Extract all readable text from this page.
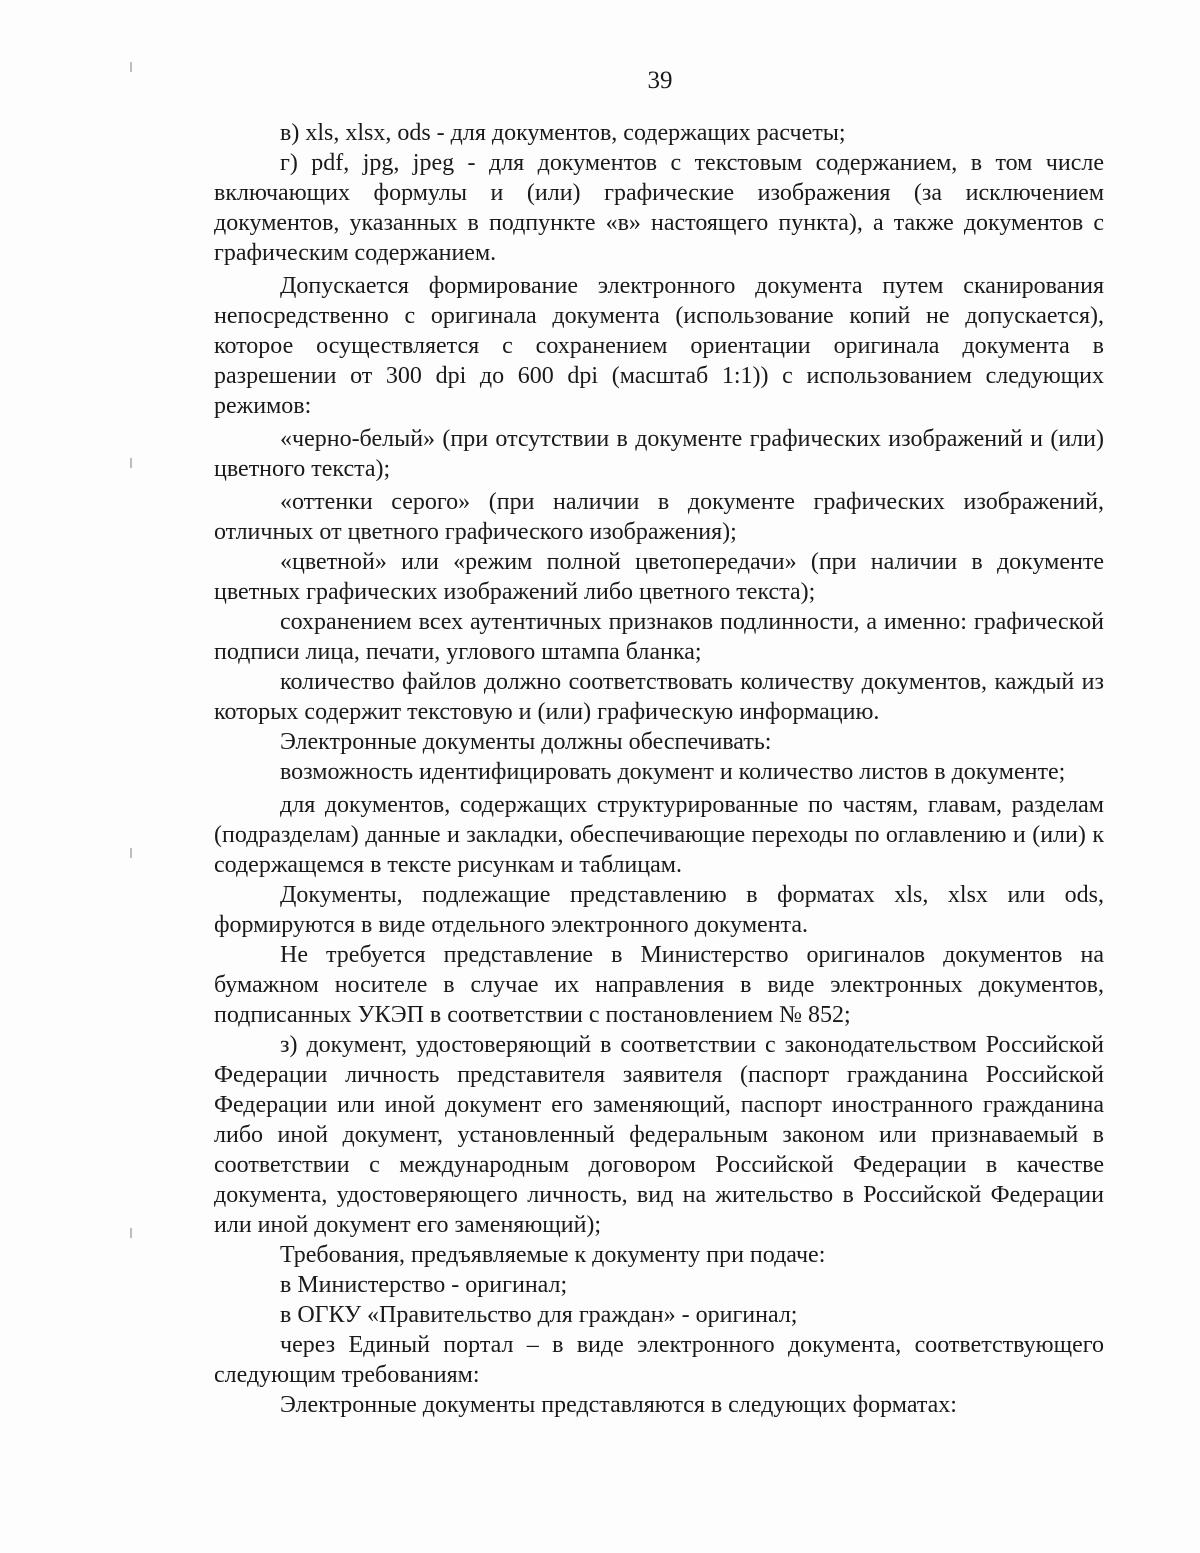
39

в) xls, xlsx, ods - для документов, содержащих расчеты;

г) pdf, jpg, jpeg - для документов с текстовым содержанием, в том числе включающих формулы и (или) графические изображения (за исключением документов, указанных в подпункте «в» настоящего пункта), а также документов с графическим содержанием.

Допускается формирование электронного документа путем сканирования непосредственно с оригинала документа (использование копий не допускается), которое осуществляется с сохранением ориентации оригинала документа в разрешении от 300 dpi до 600 dpi (масштаб 1:1)) с использованием следующих режимов:

«черно-белый» (при отсутствии в документе графических изображений и (или) цветного текста);

«оттенки серого» (при наличии в документе графических изображений, отличных от цветного графического изображения);

«цветной» или «режим полной цветопередачи» (при наличии в документе цветных графических изображений либо цветного текста);

сохранением всех аутентичных признаков подлинности, а именно: графической подписи лица, печати, углового штампа бланка;

количество файлов должно соответствовать количеству документов, каждый из которых содержит текстовую и (или) графическую информацию.

Электронные документы должны обеспечивать:

возможность идентифицировать документ и количество листов в документе;

для документов, содержащих структурированные по частям, главам, разделам (подразделам) данные и закладки, обеспечивающие переходы по оглавлению и (или) к содержащемся в тексте рисункам и таблицам.

Документы, подлежащие представлению в форматах xls, xlsx или ods, формируются в виде отдельного электронного документа.

Не требуется представление в Министерство оригиналов документов на бумажном носителе в случае их направления в виде электронных документов, подписанных УКЭП в соответствии с постановлением № 852;

з) документ, удостоверяющий в соответствии с законодательством Российской Федерации личность представителя заявителя (паспорт гражданина Российской Федерации или иной документ его заменяющий, паспорт иностранного гражданина либо иной документ, установленный федеральным законом или признаваемый в соответствии с международным договором Российской Федерации в качестве документа, удостоверяющего личность, вид на жительство в Российской Федерации или иной документ его заменяющий);

Требования, предъявляемые к документу при подаче:

в Министерство - оригинал;

в ОГКУ «Правительство для граждан» - оригинал;

через Единый портал – в виде электронного документа, соответствующего следующим требованиям:

Электронные документы представляются в следующих форматах:
